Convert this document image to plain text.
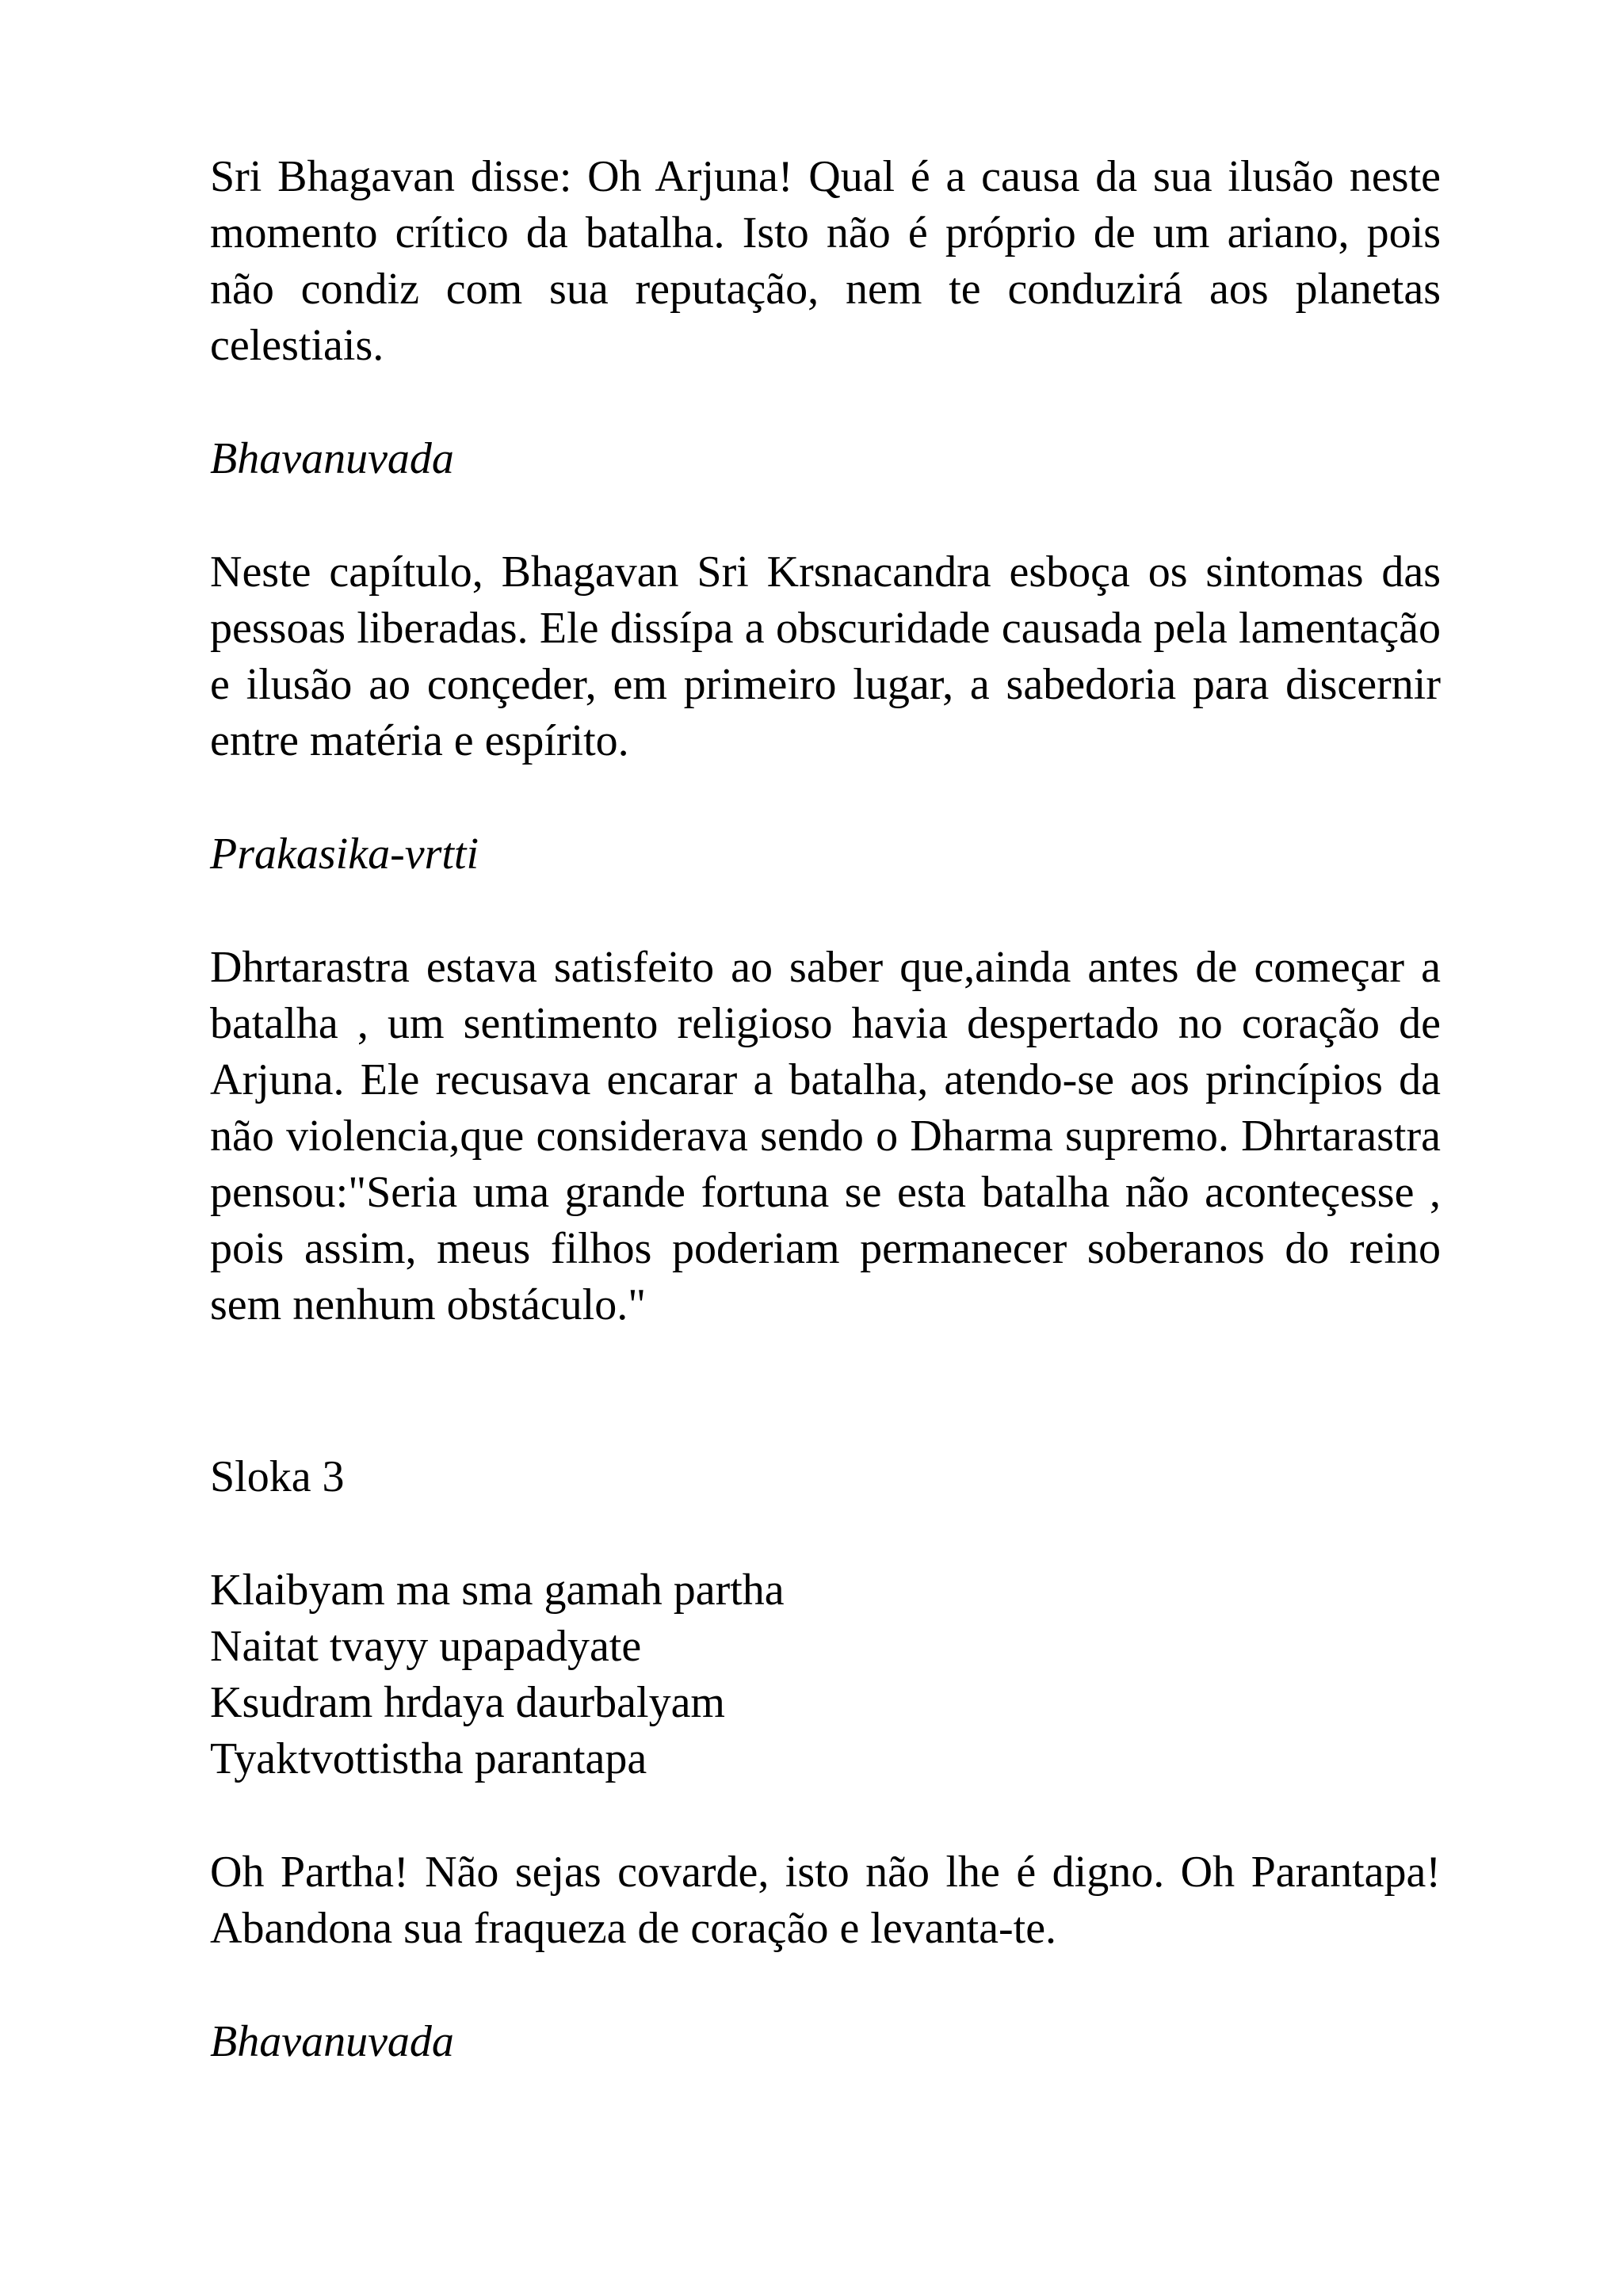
Sri Bhagavan disse: Oh Arjuna! Qual é a causa da sua ilusão neste momento crítico da batalha. Isto não é próprio de um ariano, pois não condiz com sua reputação, nem te conduzirá aos planetas celestiais.

Bhavanuvada

Neste capítulo, Bhagavan Sri Krsnacandra esboça os sintomas das pessoas liberadas. Ele dissípa a obscuridade causada pela lamentação e ilusão ao conçeder, em primeiro lugar, a sabedoria para discernir entre matéria e espírito.

Prakasika-vrtti

Dhrtarastra estava satisfeito ao saber que,ainda antes de começar a batalha , um sentimento religioso havia despertado no coração de Arjuna. Ele recusava encarar a batalha, atendo-se aos princípios da não violencia,que considerava sendo o Dharma supremo. Dhrtarastra pensou:"Seria uma grande fortuna se esta batalha não aconteçesse , pois assim, meus filhos poderiam permanecer soberanos do reino sem nenhum obstáculo."

Sloka 3

Klaibyam ma sma gamah partha
Naitat tvayy upapadyate
Ksudram hrdaya daurbalyam
Tyaktvottistha parantapa

Oh Partha! Não sejas covarde, isto não lhe é digno. Oh Parantapa! Abandona sua fraqueza de coração e levanta-te.

Bhavanuvada
